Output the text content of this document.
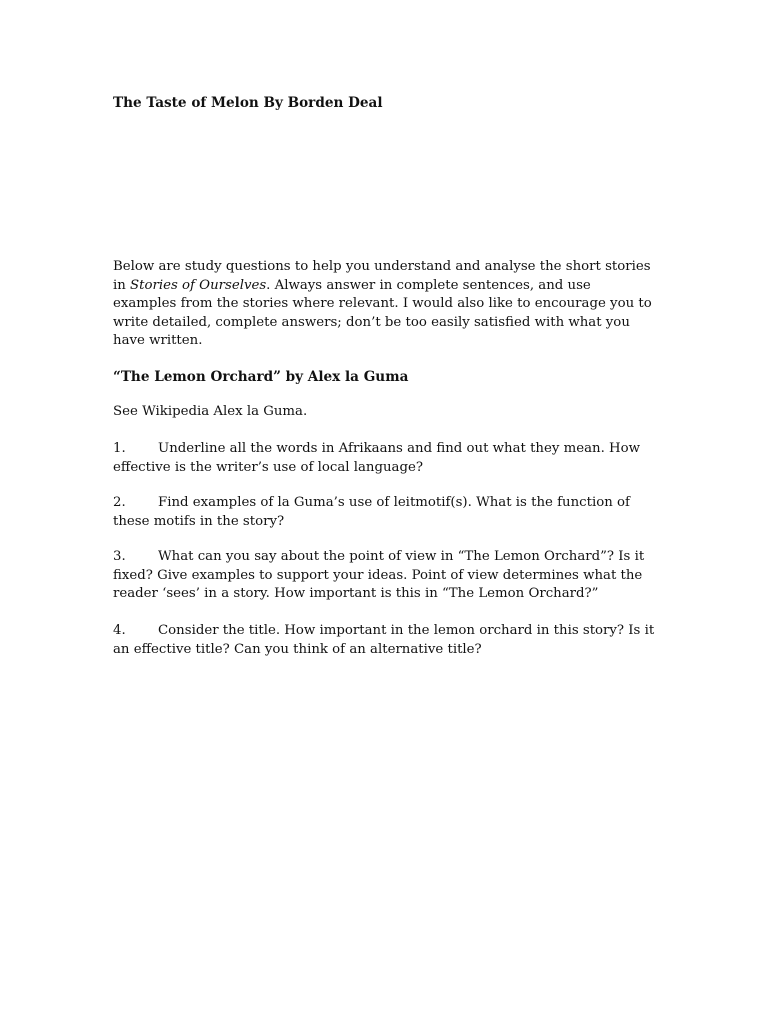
The Taste of Melon By Borden Deal
Below are study questions to help you understand and analyse the short stories in Stories of Ourselves. Always answer in complete sentences, and use examples from the stories where relevant. I would also like to encourage you to write detailed, complete answers; don’t be too easily satisfied with what you have written.
“The Lemon Orchard” by Alex la Guma
See Wikipedia Alex la Guma.
1. Underline all the words in Afrikaans and find out what they mean. How effective is the writer’s use of local language?
2. Find examples of la Guma’s use of leitmotif(s). What is the function of these motifs in the story?
3. What can you say about the point of view in “The Lemon Orchard”? Is it fixed? Give examples to support your ideas. Point of view determines what the reader ‘sees’ in a story. How important is this in “The Lemon Orchard?”
4. Consider the title. How important in the lemon orchard in this story? Is it an effective title? Can you think of an alternative title?
